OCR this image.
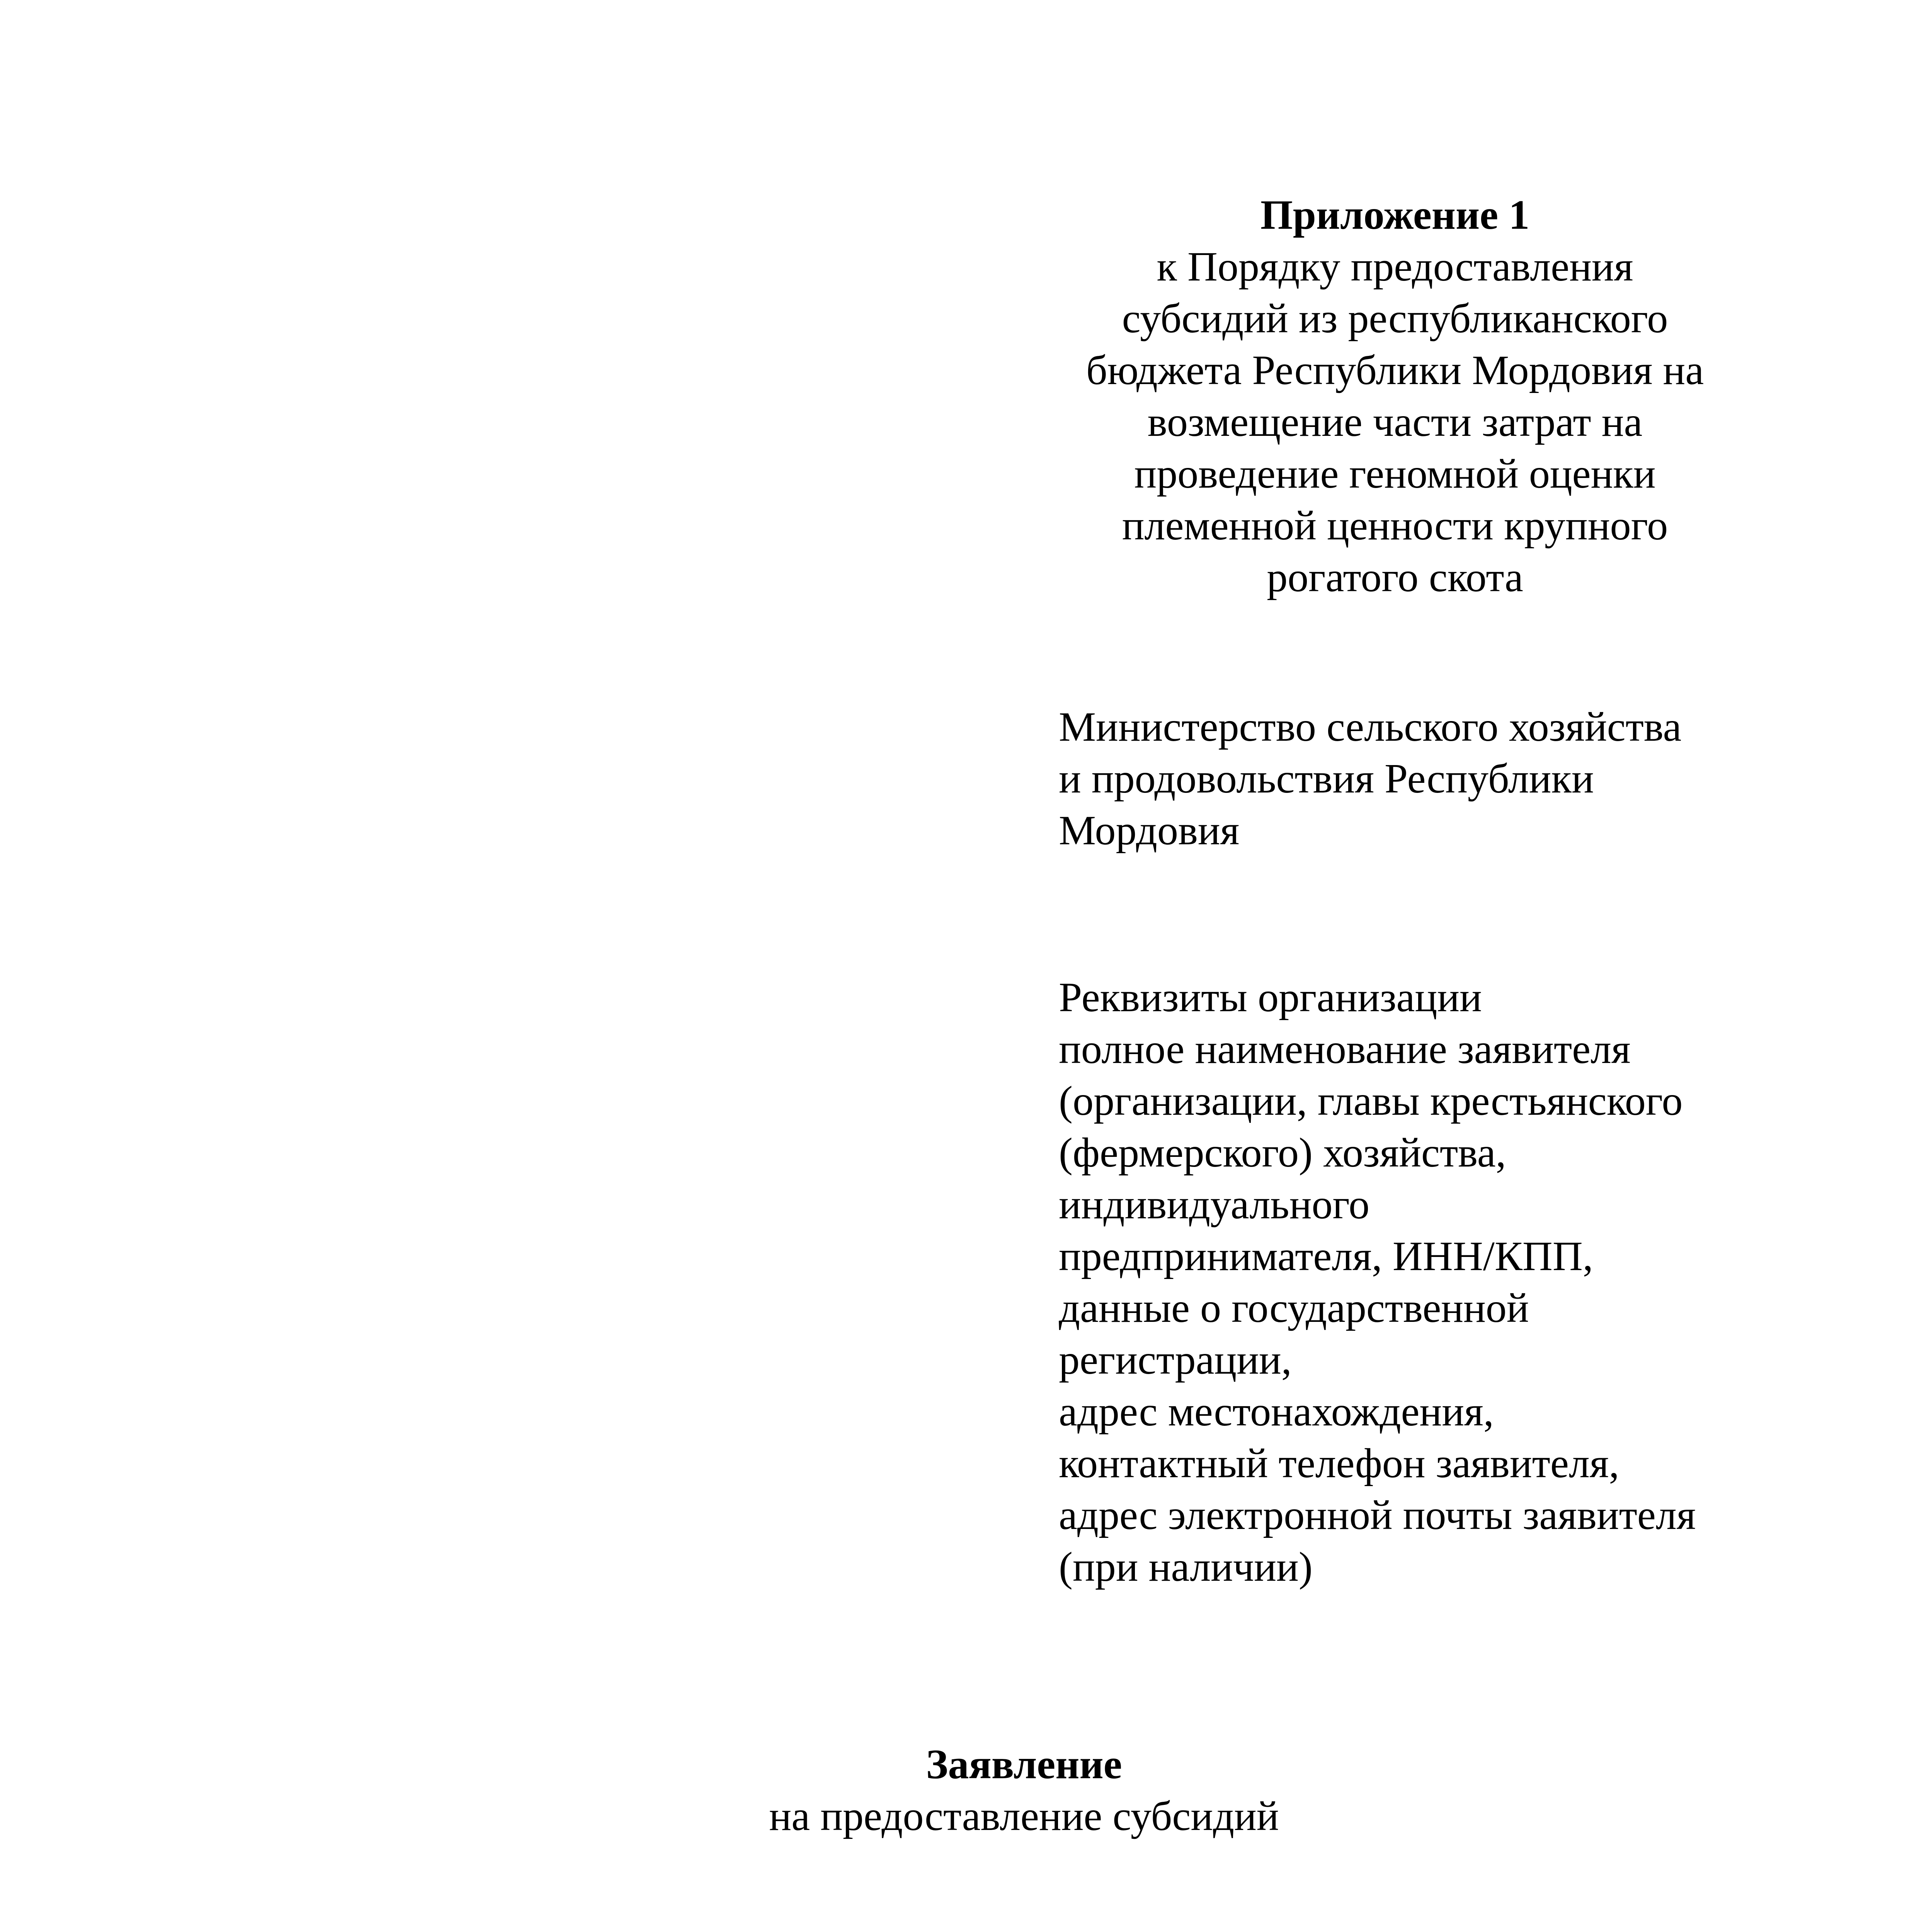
Приложение 1
к Порядку предоставления
субсидий из республиканского
бюджета Республики Мордовия на
возмещение части затрат на
проведение геномной оценки
племенной ценности крупного
рогатого скота
Министерство сельского хозяйства
и продовольствия Республики
Мордовия
Реквизиты организации
полное наименование заявителя
(организации, главы крестьянского
(фермерского) хозяйства,
индивидуального
предпринимателя, ИНН/КПП,
данные о государственной
регистрации,
адрес местонахождения,
контактный телефон заявителя,
адрес электронной почты заявителя
(при наличии)
Заявление
на предоставление субсидий
